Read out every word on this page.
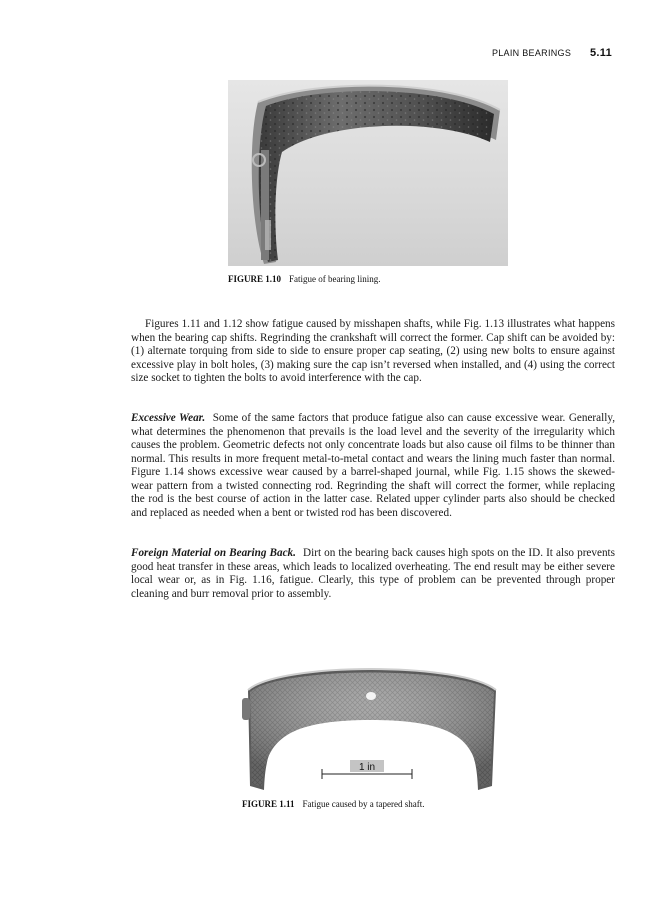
PLAIN BEARINGS 5.11
FIGURE 1.10 Fatigue of bearing lining.

Figures 1.11 and 1.12 show fatigue caused by misshapen shafts, while Fig. 1.13 illustrates what happens when the bearing cap shifts. Regrinding the crankshaft will correct the former. Cap shift can be avoided by: (1) alternate torquing from side to side to ensure proper cap seating, (2) using new bolts to ensure against excessive play in bolt holes, (3) making sure the cap isn’t reversed when installed, and (4) using the correct size socket to tighten the bolts to avoid interference with the cap.

Excessive Wear. Some of the same factors that produce fatigue also can cause excessive wear. Generally, what determines the phenomenon that prevails is the load level and the severity of the irregularity which causes the problem. Geometric defects not only concentrate loads but also cause oil films to be thinner than normal. This results in more frequent metal-to-metal contact and wears the lining much faster than normal. Figure 1.14 shows excessive wear caused by a barrel-shaped journal, while Fig. 1.15 shows the skewed-wear pattern from a twisted connecting rod. Regrinding the shaft will correct the former, while replacing the rod is the best course of action in the latter case. Related upper cylinder parts also should be checked and replaced as needed when a bent or twisted rod has been discovered.

Foreign Material on Bearing Back. Dirt on the bearing back causes high spots on the ID. It also prevents good heat transfer in these areas, which leads to localized overheating. The end result may be either severe local wear or, as in Fig. 1.16, fatigue. Clearly, this type of problem can be prevented through proper cleaning and burr removal prior to assembly.

1 in
FIGURE 1.11 Fatigue caused by a tapered shaft.
